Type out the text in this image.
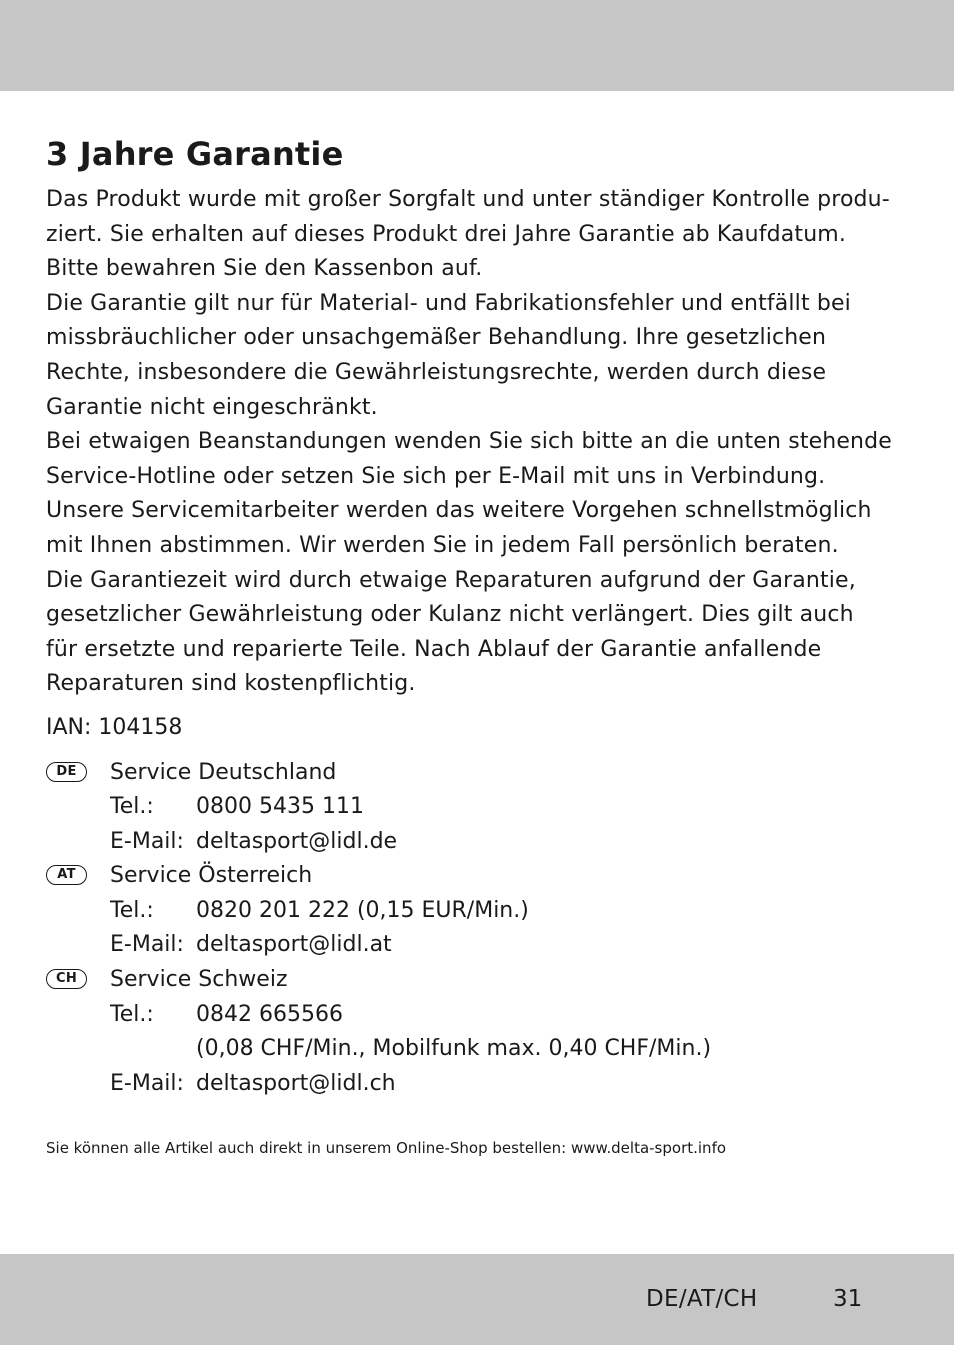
3 Jahre Garantie
Das Produkt wurde mit großer Sorgfalt und unter ständiger Kontrolle produ-
ziert. Sie erhalten auf dieses Produkt drei Jahre Garantie ab Kaufdatum.
Bitte bewahren Sie den Kassenbon auf.
Die Garantie gilt nur für Material- und Fabrikationsfehler und entfällt bei
missbräuchlicher oder unsachgemäßer Behandlung. Ihre gesetzlichen
Rechte, insbesondere die Gewährleistungsrechte, werden durch diese
Garantie nicht eingeschränkt.
Bei etwaigen Beanstandungen wenden Sie sich bitte an die unten stehende
Service-Hotline oder setzen Sie sich per E-Mail mit uns in Verbindung.
Unsere Servicemitarbeiter werden das weitere Vorgehen schnellstmöglich
mit Ihnen abstimmen. Wir werden Sie in jedem Fall persönlich beraten.
Die Garantiezeit wird durch etwaige Reparaturen aufgrund der Garantie,
gesetzlicher Gewährleistung oder Kulanz nicht verlängert. Dies gilt auch
für ersetzte und reparierte Teile. Nach Ablauf der Garantie anfallende
Reparaturen sind kostenpflichtig.
IAN: 104158
DE	Service Deutschland
Tel.:	0800 5435 111
E-Mail: deltasport@lidl.de
AT	Service Österreich
Tel.:	0820 201 222 (0,15 EUR/Min.)
E-Mail: deltasport@lidl.at
CH	Service Schweiz
Tel.:	0842 665566
(0,08 CHF/Min., Mobilfunk max. 0,40 CHF/Min.)
E-Mail: deltasport@lidl.ch
Sie können alle Artikel auch direkt in unserem Online-Shop bestellen: www.delta-sport.info
DE/AT/CH	31
